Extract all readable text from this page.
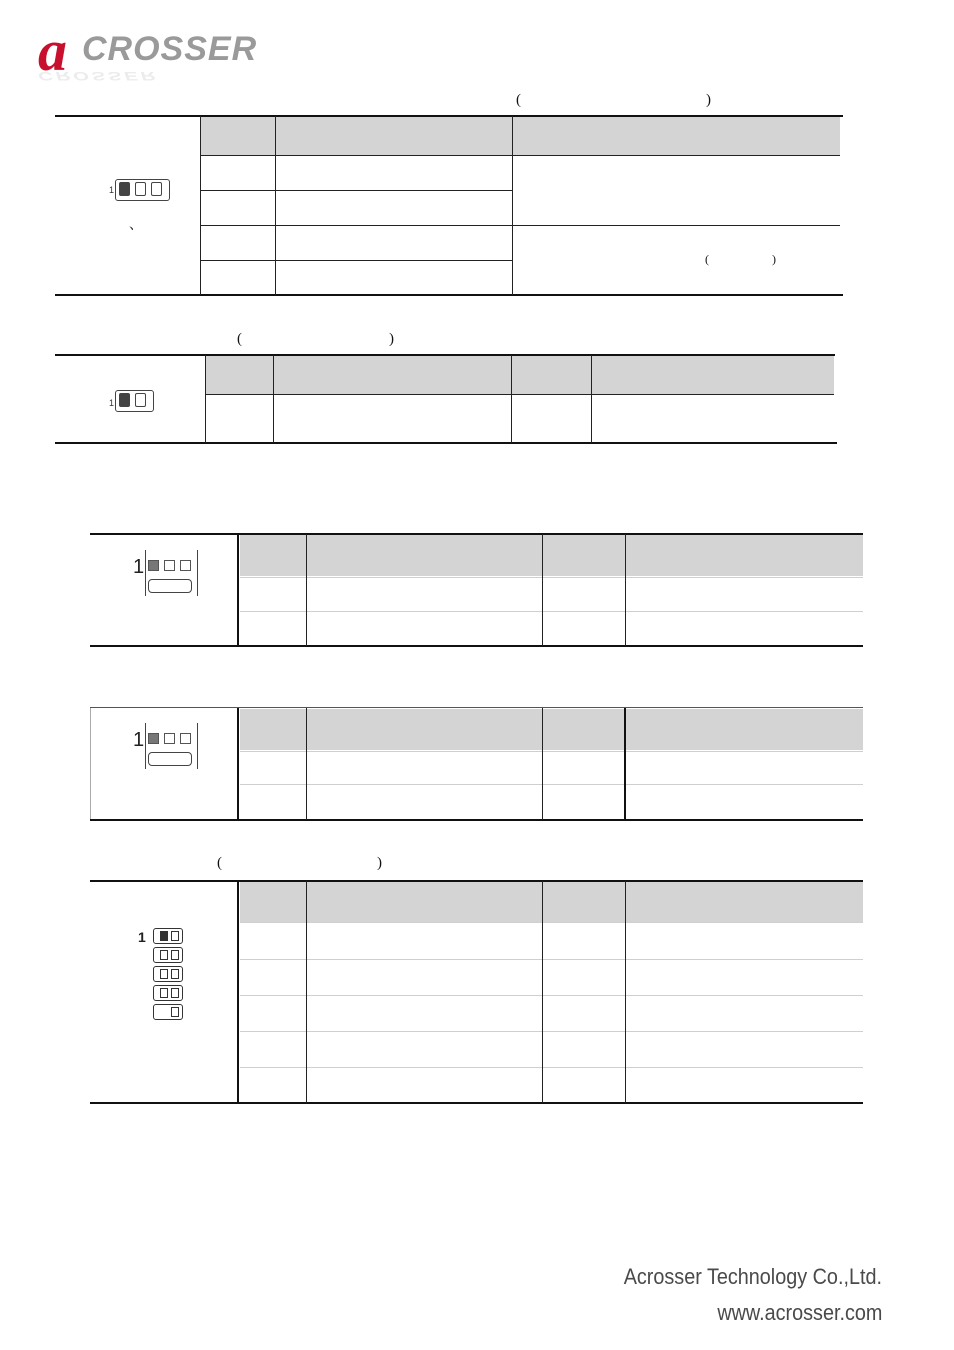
a CROSSER
CROSSER
(	)
1
、
(	)
(	)
1
1
1
(	)
1
Acrosser Technology Co.,Ltd.
www.acrosser.com
